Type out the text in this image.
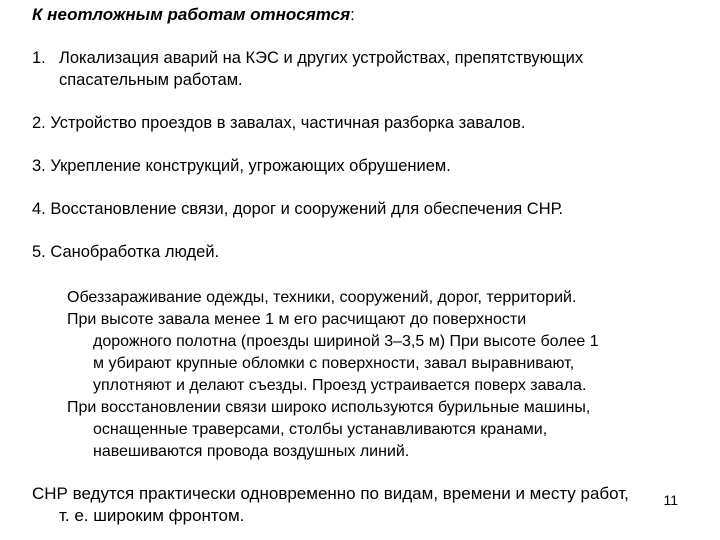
К неотложным работам относятся:

1. Локализация аварий на КЭС и других устройствах, препятствующих

спасательным работам.

2. Устройство проездов в завалах, частичная разборка завалов.

3. Укрепление конструкций, угрожающих обрушением.

4. Восстановление связи, дорог и сооружений для обеспечения СНР.

5. Санобработка людей.

Обеззараживание одежды, техники, сооружений, дорог, территорий.

При высоте завала менее 1 м его расчищают до поверхности

дорожного полотна (проезды шириной 3–3,5 м) При высоте более 1

м убирают крупные обломки с поверхности, завал выравнивают,

уплотняют и делают съезды. Проезд устраивается поверх завала.

При восстановлении связи широко используются бурильные машины,

оснащенные траверсами, столбы устанавливаются кранами,

навешиваются провода воздушных линий.

СНР ведутся практически одновременно по видам, времени и месту работ,

т. е. широким фронтом.

11
